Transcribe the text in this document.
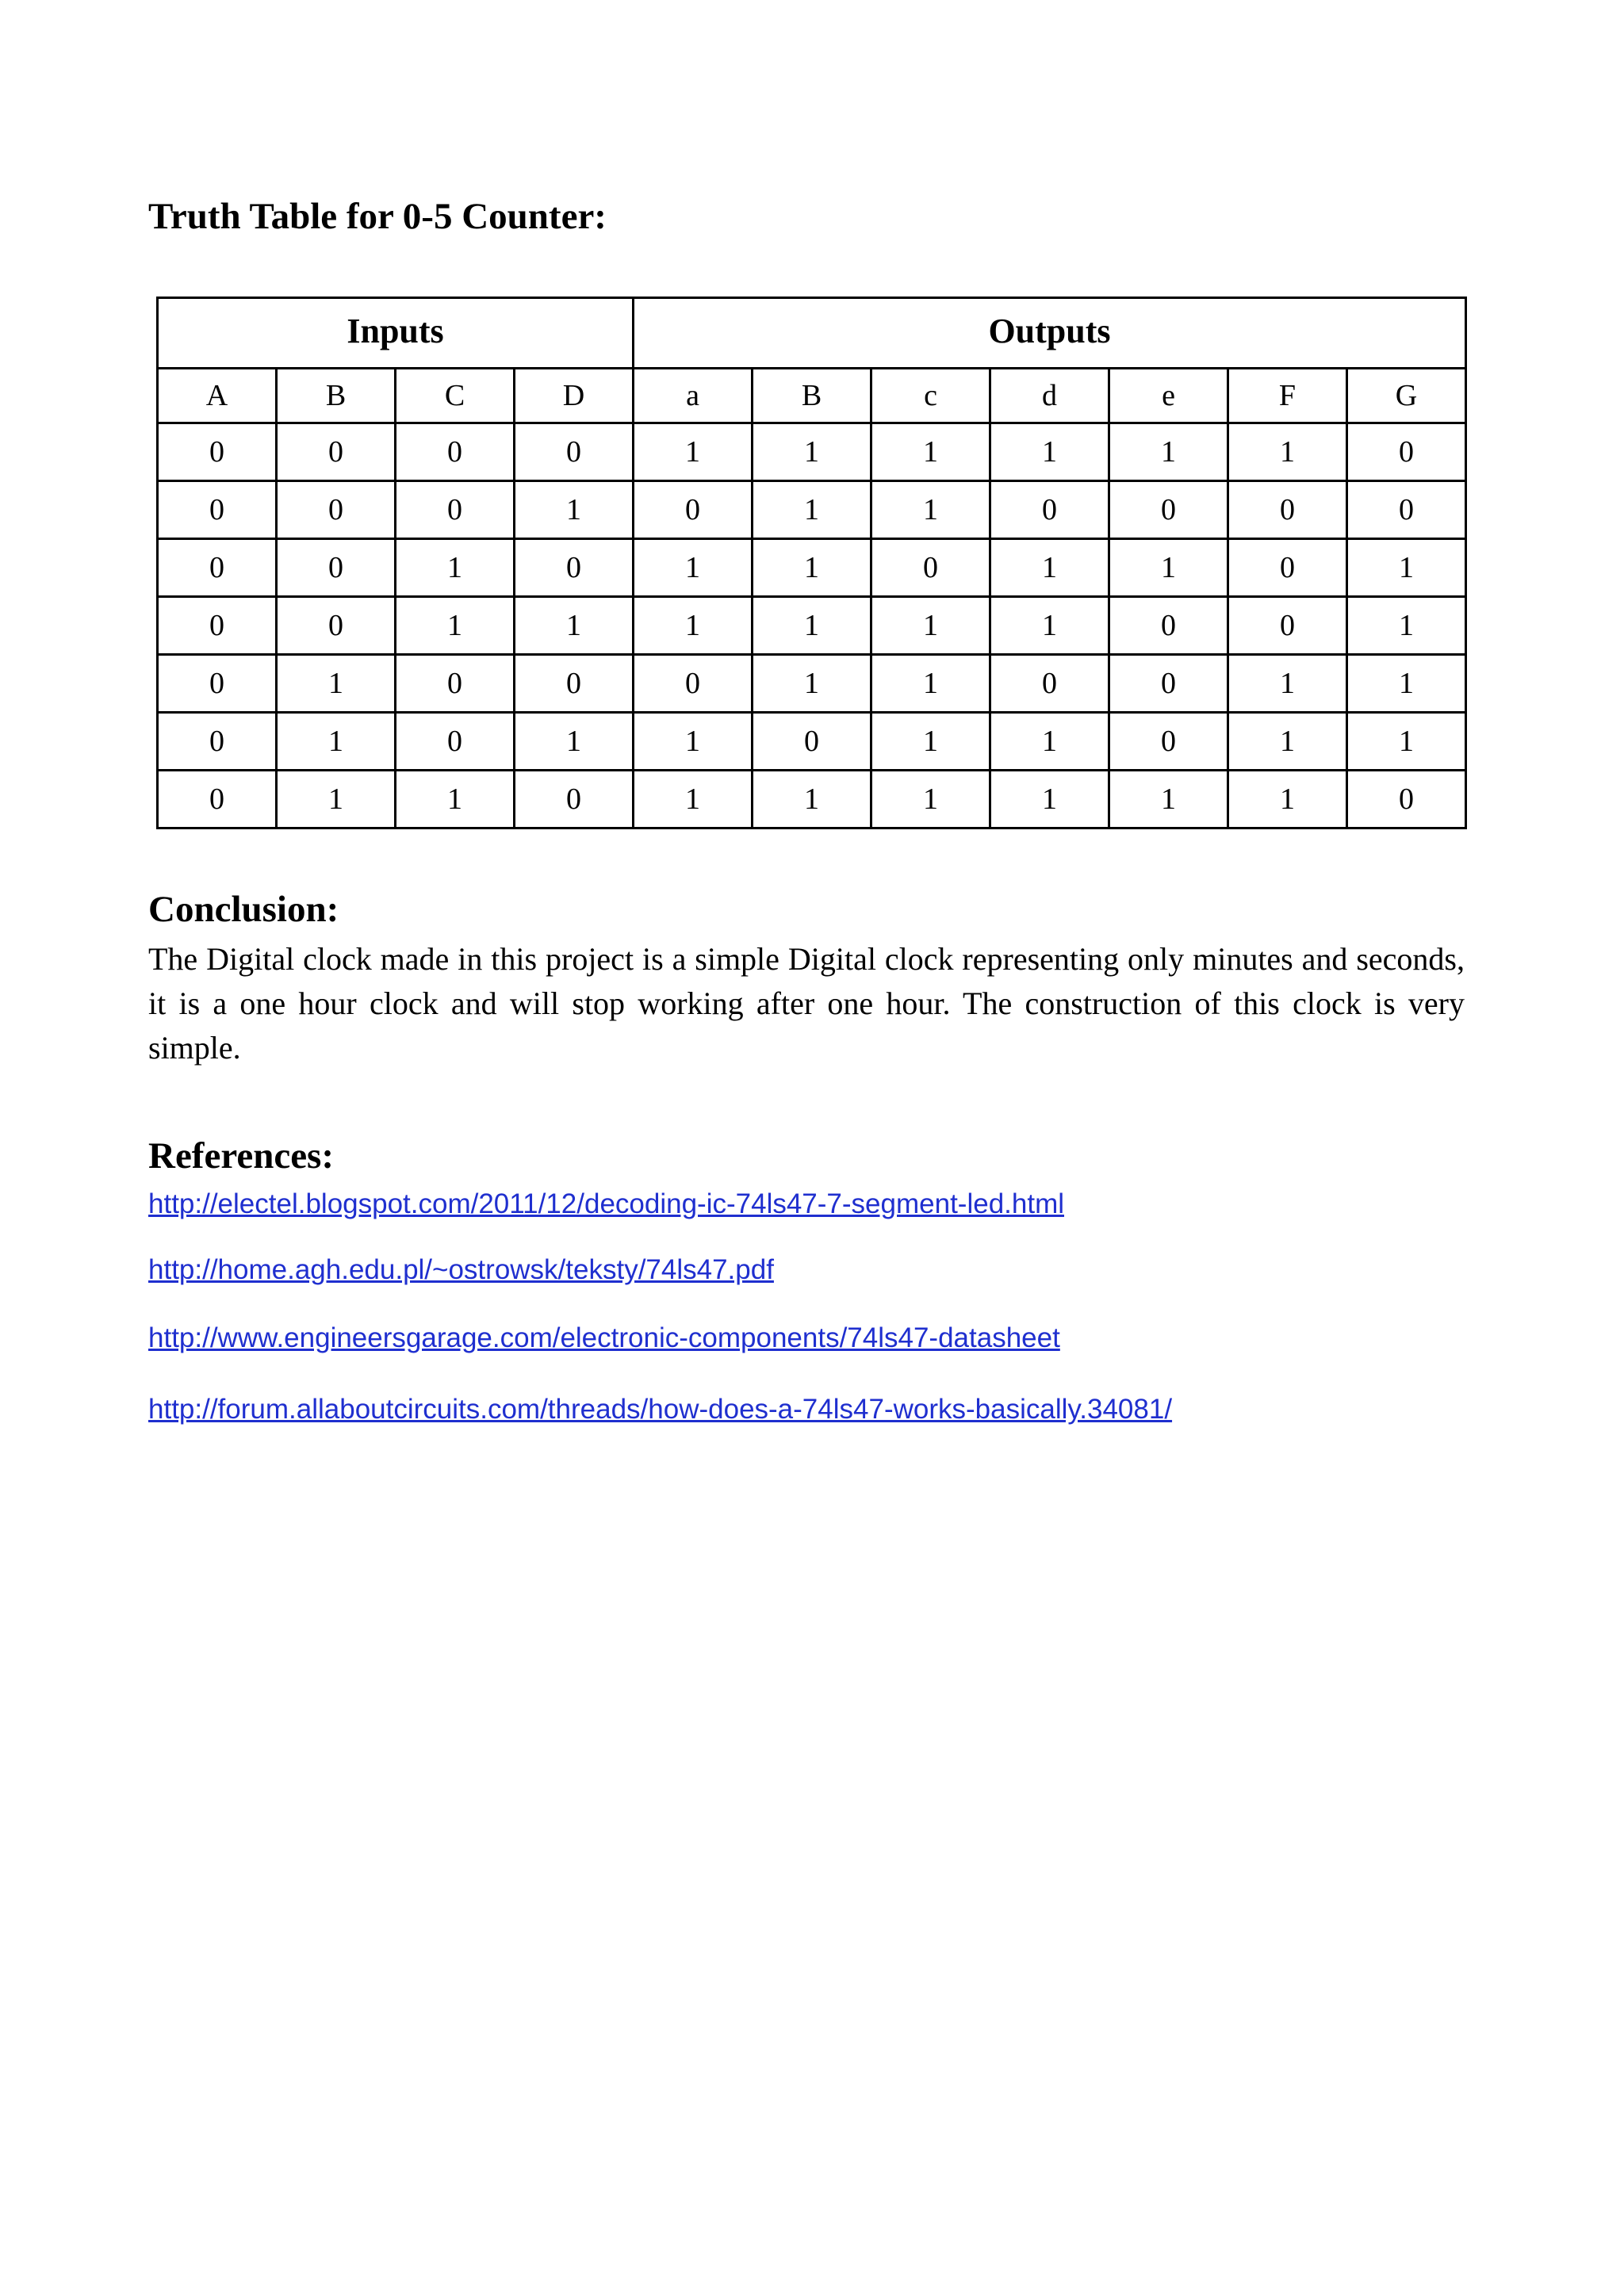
Truth Table for 0-5 Counter:
Inputs				Outputs						
A	B	C	D	a	B	c	d	e	F	G
0	0	0	0	1	1	1	1	1	1	0
0	0	0	1	0	1	1	0	0	0	0
0	0	1	0	1	1	0	1	1	0	1
0	0	1	1	1	1	1	1	0	0	1
0	1	0	0	0	1	1	0	0	1	1
0	1	0	1	1	0	1	1	0	1	1
0	1	1	0	1	1	1	1	1	1	0
Conclusion:

The Digital clock made in this project is a simple Digital clock representing only minutes and seconds, it is a one hour clock and will stop working after one hour. The construction of this clock is very simple.

References:
http://electel.blogspot.com/2011/12/decoding-ic-74ls47-7-segment-led.html
http://home.agh.edu.pl/~ostrowsk/teksty/74ls47.pdf
http://www.engineersgarage.com/electronic-components/74ls47-datasheet
http://forum.allaboutcircuits.com/threads/how-does-a-74ls47-works-basically.34081/
